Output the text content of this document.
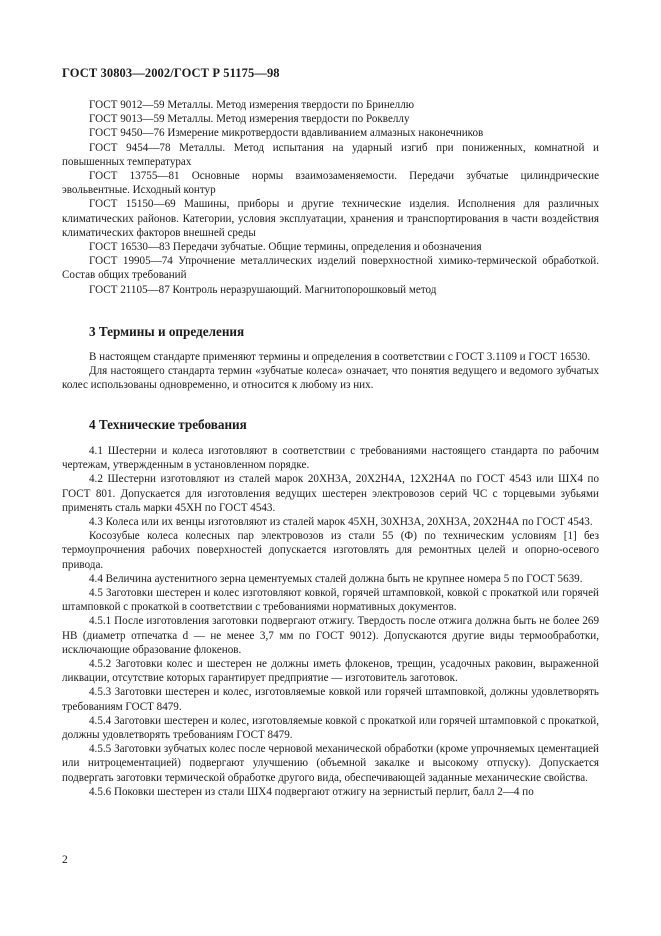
ГОСТ 30803—2002/ГОСТ Р 51175—98

ГОСТ 9012—59 Металлы. Метод измерения твердости по Бринеллю

ГОСТ 9013—59 Металлы. Метод измерения твердости по Роквеллу

ГОСТ 9450—76 Измерение микротвердости вдавливанием алмазных наконечников

ГОСТ 9454—78 Металлы. Метод испытания на ударный изгиб при пониженных, комнатной и повышенных температурах

ГОСТ 13755—81 Основные нормы взаимозаменяемости. Передачи зубчатые цилиндрические эвольвентные. Исходный контур

ГОСТ 15150—69 Машины, приборы и другие технические изделия. Исполнения для различных климатических районов. Категории, условия эксплуатации, хранения и транспортирования в части воздействия климатических факторов внешней среды

ГОСТ 16530—83 Передачи зубчатые. Общие термины, определения и обозначения

ГОСТ 19905—74 Упрочнение металлических изделий поверхностной химико-термической обработкой. Состав общих требований

ГОСТ 21105—87 Контроль неразрушающий. Магнитопорошковый метод

3 Термины и определения

В настоящем стандарте применяют термины и определения в соответствии с ГОСТ 3.1109 и ГОСТ 16530.

Для настоящего стандарта термин «зубчатые колеса» означает, что понятия ведущего и ведомого зубчатых колес использованы одновременно, и относится к любому из них.

4 Технические требования

4.1 Шестерни и колеса изготовляют в соответствии с требованиями настоящего стандарта по рабочим чертежам, утвержденным в установленном порядке.

4.2 Шестерни изготовляют из сталей марок 20ХН3А, 20Х2Н4А, 12Х2Н4А по ГОСТ 4543 или ШХ4 по ГОСТ 801. Допускается для изготовления ведущих шестерен электровозов серий ЧС с торцевыми зубьями применять сталь марки 45ХН по ГОСТ 4543.

4.3 Колеса или их венцы изготовляют из сталей марок 45ХН, 30ХН3А, 20ХН3А, 20Х2Н4А по ГОСТ 4543.

Косозубые колеса колесных пар электровозов из стали 55 (Ф) по техническим условиям [1] без термоупрочнения рабочих поверхностей допускается изготовлять для ремонтных целей и опорно-осевого привода.

4.4 Величина аустенитного зерна цементуемых сталей должна быть не крупнее номера 5 по ГОСТ 5639.

4.5 Заготовки шестерен и колес изготовляют ковкой, горячей штамповкой, ковкой с прокаткой или горячей штамповкой с прокаткой в соответствии с требованиями нормативных документов.

4.5.1 После изготовления заготовки подвергают отжигу. Твердость после отжига должна быть не более 269 НВ (диаметр отпечатка d — не менее 3,7 мм по ГОСТ 9012). Допускаются другие виды термообработки, исключающие образование флокенов.

4.5.2 Заготовки колес и шестерен не должны иметь флокенов, трещин, усадочных раковин, выраженной ликвации, отсутствие которых гарантирует предприятие — изготовитель заготовок.

4.5.3 Заготовки шестерен и колес, изготовляемые ковкой или горячей штамповкой, должны удовлетворять требованиям ГОСТ 8479.

4.5.4 Заготовки шестерен и колес, изготовляемые ковкой с прокаткой или горячей штамповкой с прокаткой, должны удовлетворять требованиям ГОСТ 8479.

4.5.5 Заготовки зубчатых колес после черновой механической обработки (кроме упрочняемых цементацией или нитроцементацией) подвергают улучшению (объемной закалке и высокому отпуску). Допускается подвергать заготовки термической обработке другого вида, обеспечивающей заданные механические свойства.

4.5.6 Поковки шестерен из стали ШХ4 подвергают отжигу на зернистый перлит, балл 2—4 по

2
